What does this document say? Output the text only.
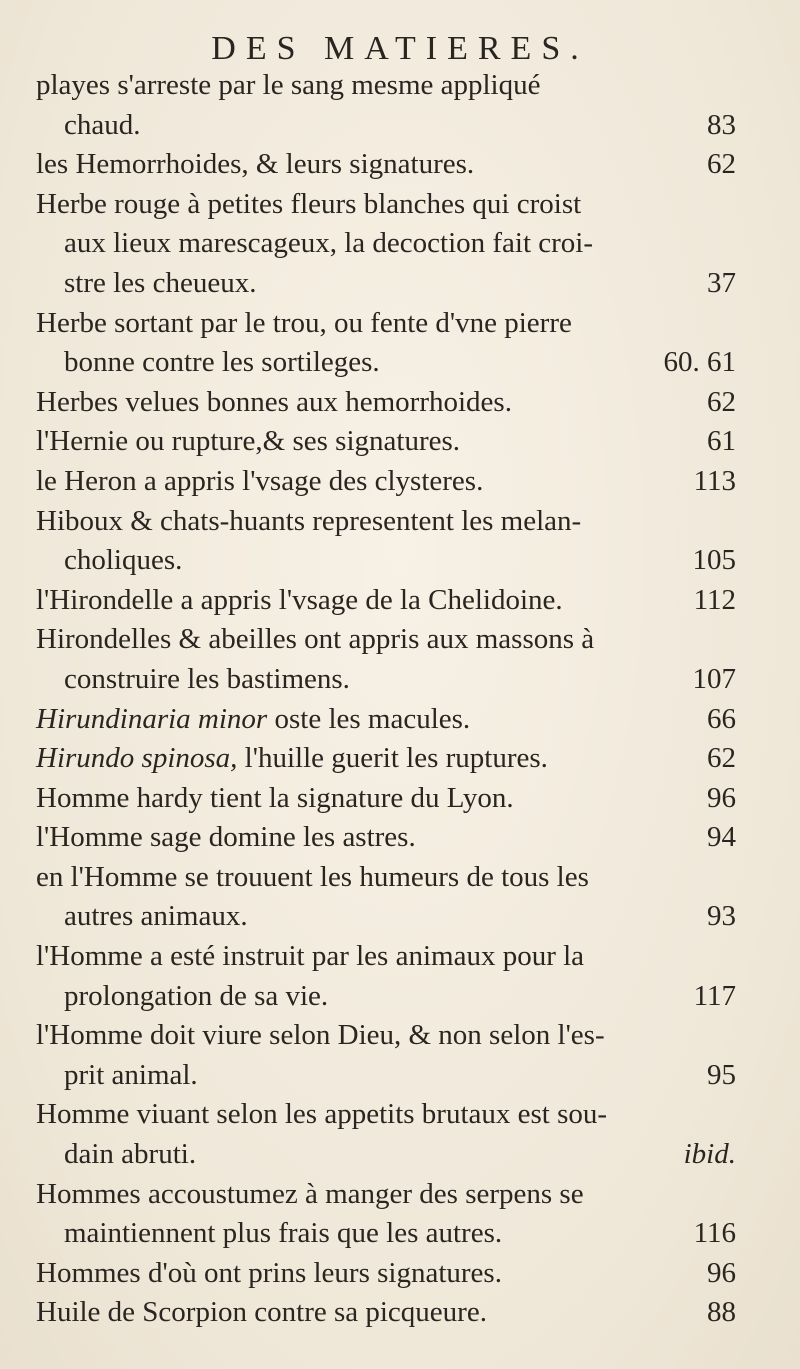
DES MATIERES.
playes s'arreste par le sang mesme appliqué
chaud.	83
les Hemorrhoides, & leurs signatures.	62
Herbe rouge à petites fleurs blanches qui croist
aux lieux marescageux, la decoction fait croi-
stre les cheueux.	37
Herbe sortant par le trou, ou fente d'vne pierre
bonne contre les sortileges.	60. 61
Herbes velues bonnes aux hemorrhoides.	62
l'Hernie ou rupture,& ses signatures.	61
le Heron a appris l'vsage des clysteres.	113
Hiboux & chats-huants representent les melan-
choliques.	105
l'Hirondelle a appris l'vsage de la Chelidoine.	112
Hirondelles & abeilles ont appris aux massons à
construire les bastimens.	107
Hirundinaria minor oste les macules.	66
Hirundo spinosa, l'huille guerit les ruptures.	62
Homme hardy tient la signature du Lyon.	96
l'Homme sage domine les astres.	94
en l'Homme se trouuent les humeurs de tous les
autres animaux.	93
l'Homme a esté instruit par les animaux pour la
prolongation de sa vie.	117
l'Homme doit viure selon Dieu, & non selon l'es-
prit animal.	95
Homme viuant selon les appetits brutaux est sou-
dain abruti.	ibid.
Hommes accoustumez à manger des serpens se
maintiennent plus frais que les autres.	116
Hommes d'où ont prins leurs signatures.	96
Huile de Scorpion contre sa picqueure.	88
